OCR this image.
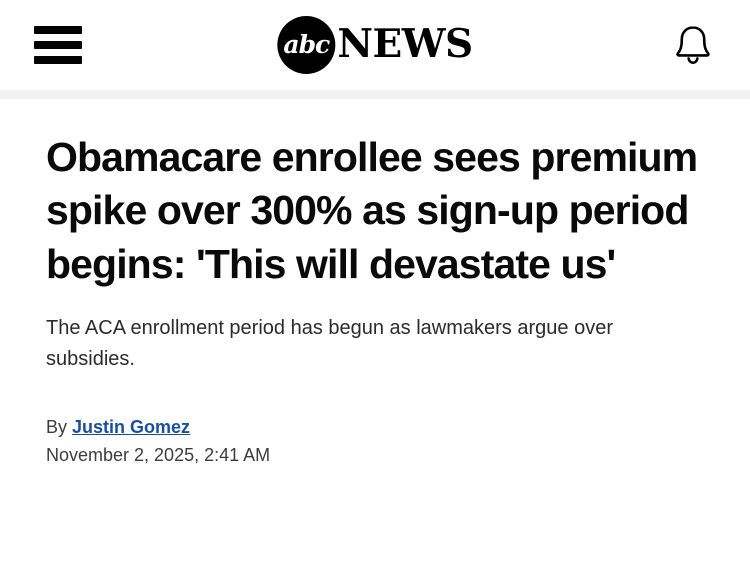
abc NEWS
Obamacare enrollee sees premium spike over 300% as sign-up period begins: 'This will devastate us'

The ACA enrollment period has begun as lawmakers argue over subsidies.

By Justin Gomez
November 2, 2025, 2:41 AM
